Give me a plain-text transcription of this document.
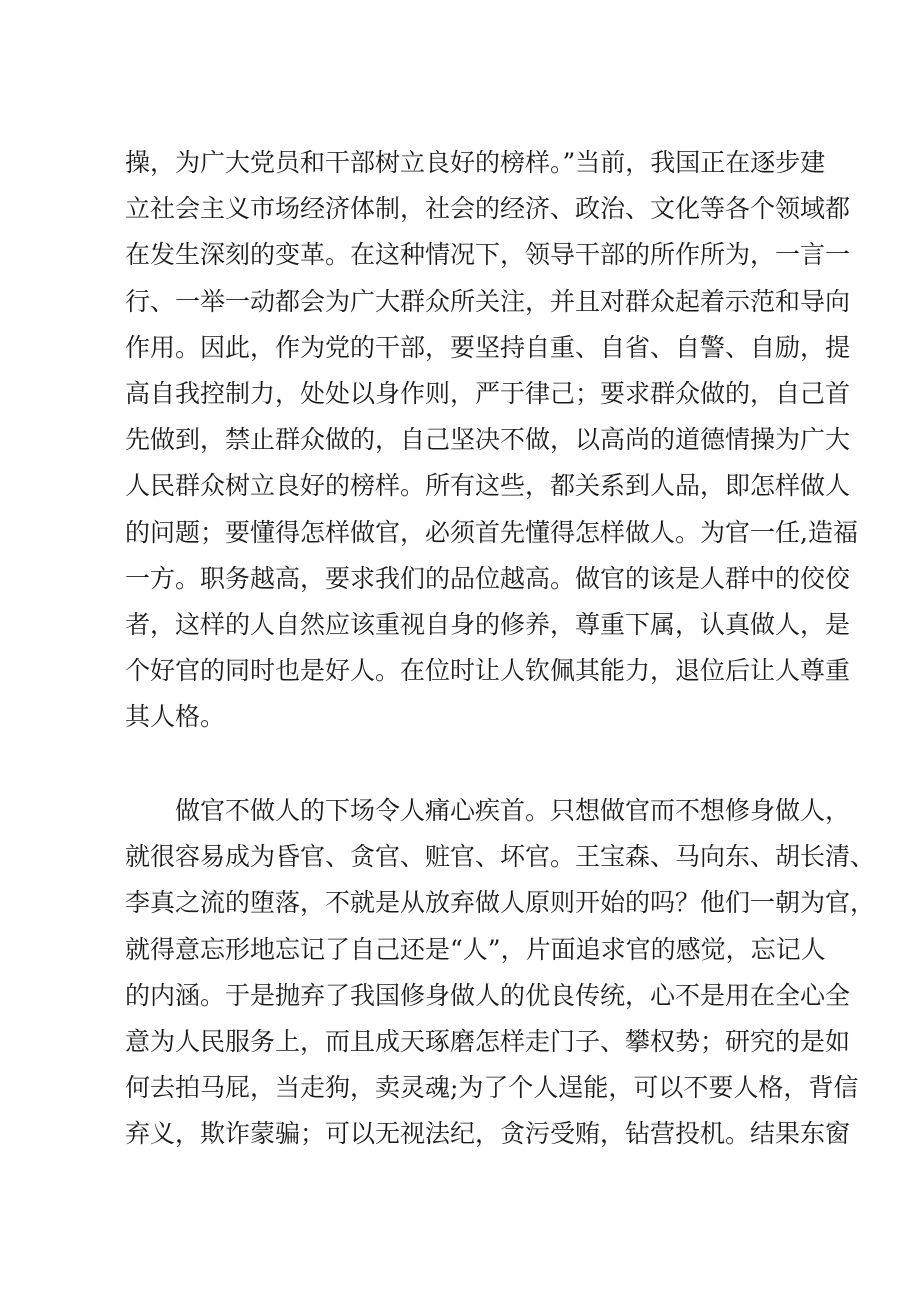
操，为广大党员和干部树立良好的榜样。”当前，我国正在逐步建
立社会主义市场经济体制，社会的经济、政治、文化等各个领域都
在发生深刻的变革。在这种情况下，领导干部的所作所为，一言一
行、一举一动都会为广大群众所关注，并且对群众起着示范和导向
作用。因此，作为党的干部，要坚持自重、自省、自警、自励，提
高自我控制力，处处以身作则，严于律己；要求群众做的，自己首
先做到，禁止群众做的，自己坚决不做，以高尚的道德情操为广大
人民群众树立良好的榜样。所有这些，都关系到人品，即怎样做人
的问题；要懂得怎样做官，必须首先懂得怎样做人。为官一任,造福
一方。职务越高，要求我们的品位越高。做官的该是人群中的佼佼
者，这样的人自然应该重视自身的修养，尊重下属，认真做人，是
个好官的同时也是好人。在位时让人钦佩其能力，退位后让人尊重
其人格。
做官不做人的下场令人痛心疾首。只想做官而不想修身做人，
就很容易成为昏官、贪官、赃官、坏官。王宝森、马向东、胡长清、
李真之流的堕落，不就是从放弃做人原则开始的吗？他们一朝为官，
就得意忘形地忘记了自己还是“人”，片面追求官的感觉，忘记人
的内涵。于是抛弃了我国修身做人的优良传统，心不是用在全心全
意为人民服务上，而且成天琢磨怎样走门子、攀权势；研究的是如
何去拍马屁，当走狗，卖灵魂;为了个人逞能，可以不要人格，背信
弃义，欺诈蒙骗；可以无视法纪，贪污受贿，钻营投机。结果东窗
